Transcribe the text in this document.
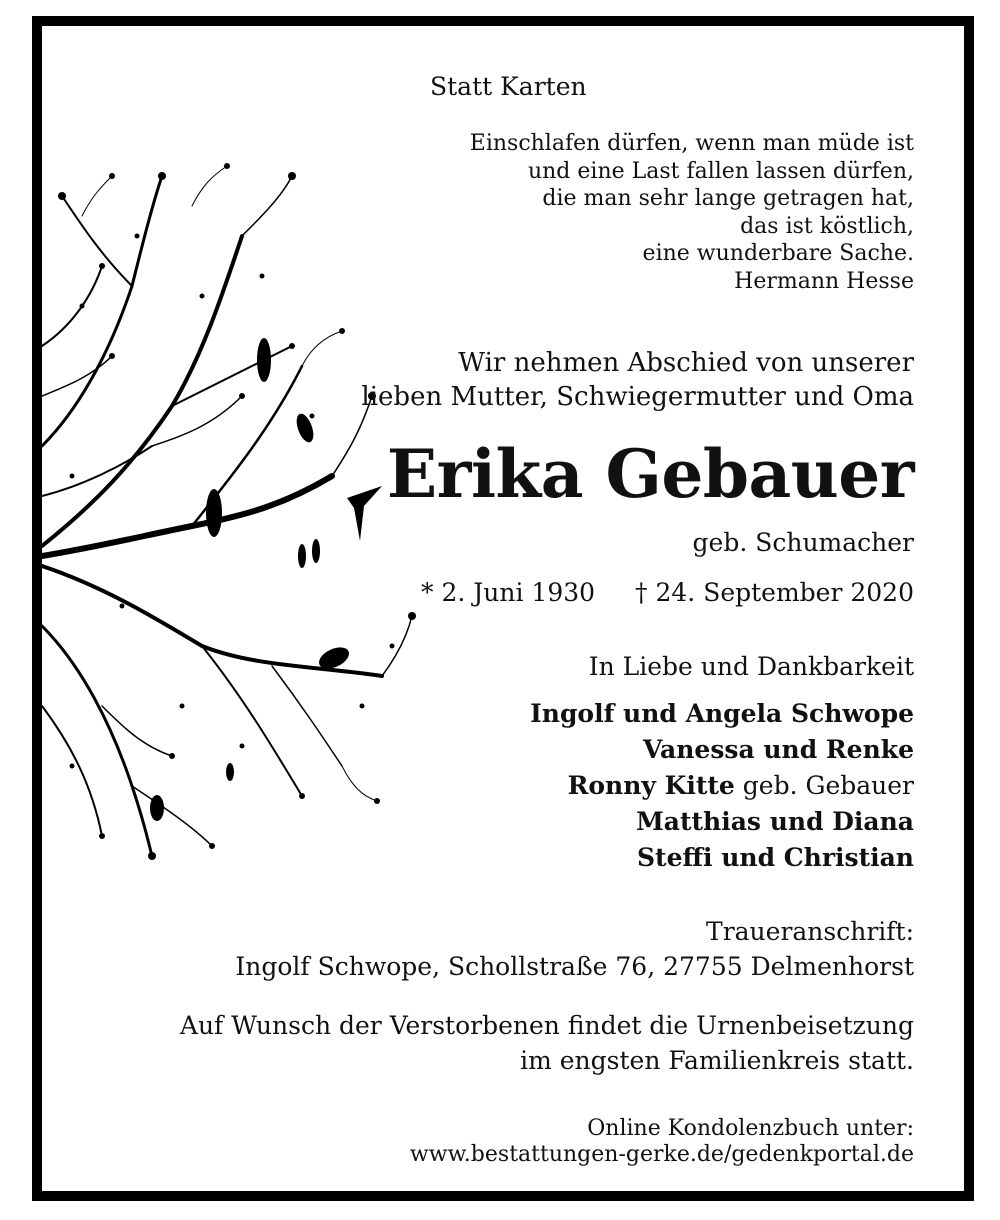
Statt Karten
Einschlafen dürfen, wenn man müde ist
und eine Last fallen lassen dürfen,
die man sehr lange getragen hat,
das ist köstlich,
eine wunderbare Sache.
Hermann Hesse
Wir nehmen Abschied von unserer
lieben Mutter, Schwiegermutter und Oma
Erika Gebauer
geb. Schumacher
* 2. Juni 1930 † 24. September 2020
In Liebe und Dankbarkeit
Ingolf und Angela Schwope
Vanessa und Renke
Ronny Kitte geb. Gebauer
Matthias und Diana
Steffi und Christian
Traueranschrift:
Ingolf Schwope, Schollstraße 76, 27755 Delmenhorst
Auf Wunsch der Verstorbenen findet die Urnenbeisetzung
im engsten Familienkreis statt.
Online Kondolenzbuch unter:
www.bestattungen-gerke.de/gedenkportal.de
